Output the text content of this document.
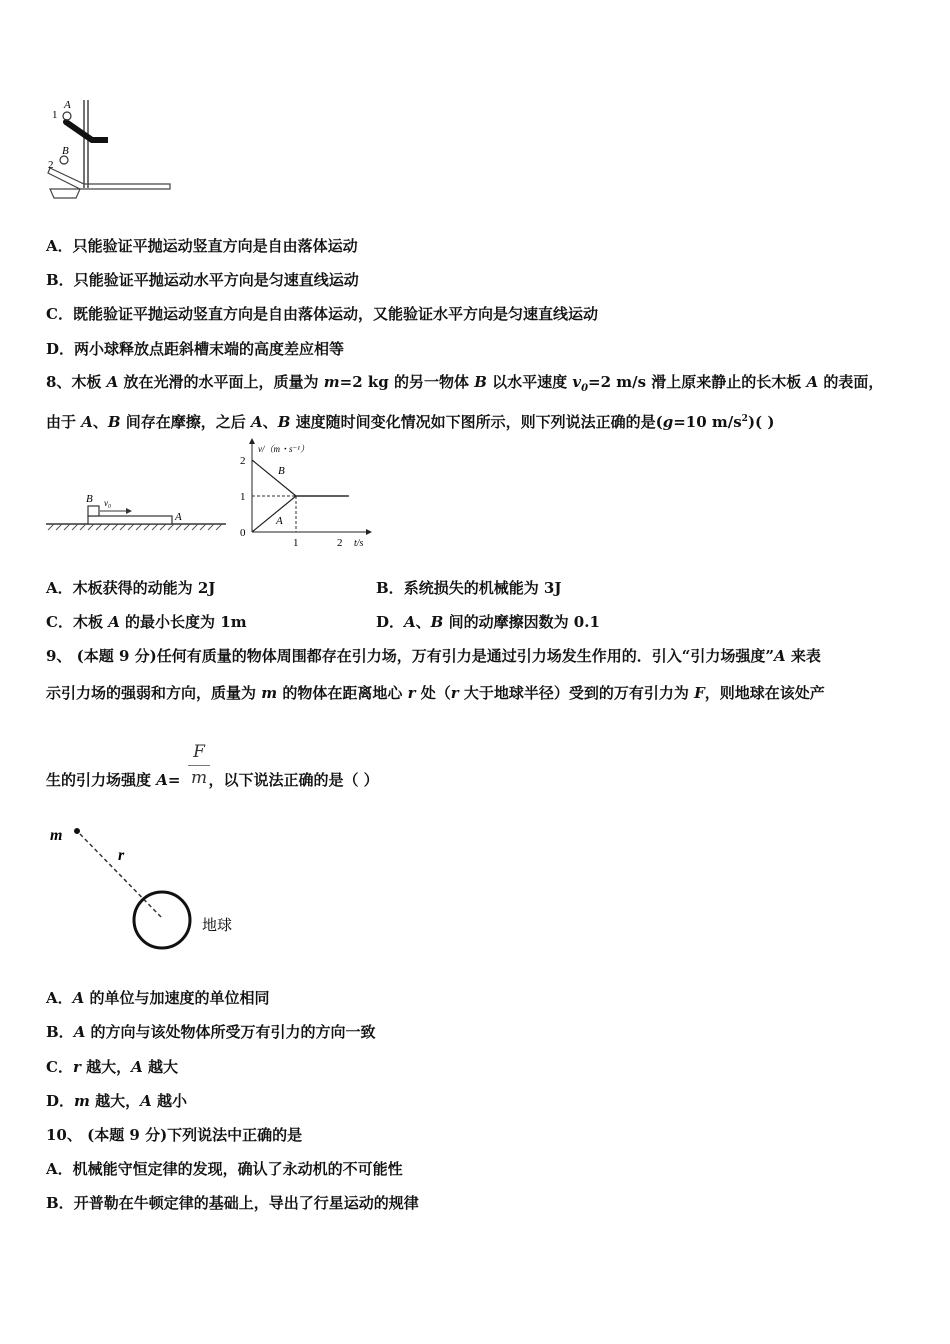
1
A
2
B
A．只能验证平抛运动竖直方向是自由落体运动
B．只能验证平抛运动水平方向是匀速直线运动
C．既能验证平抛运动竖直方向是自由落体运动，又能验证水平方向是匀速直线运动
D．两小球释放点距斜槽末端的高度差应相等
8、木板 A 放在光滑的水平面上，质量为 m=2 kg 的另一物体 B 以水平速度 $v_0=2$ m/s 滑上原来静止的长木板 A 的表面，
由于 A、B 间存在摩擦，之后 A、B 速度随时间变化情况如下图所示，则下列说法正确的是(g=10 $m/s^2$)( )
B v₀
A
v/（m・s⁻¹）
t/s
B
A
2
1
0
1	2
A．木板获得的动能为 2J	B．系统损失的机械能为 3J
C．木板 A 的最小长度为 1m	D．A、B 间的动摩擦因数为 0.1
9、 (本题 9 分)任何有质量的物体周围都存在引力场，万有引力是通过引力场发生作用的．引入“引力场强度”A 来表
示引力场的强弱和方向，质量为 m 的物体在距离地心 r 处（r 大于地球半径）受到的万有引力为 F，则地球在该处产
生的引力场强度 A= ，以下说法正确的是（ ）
F
m
m
r
地球
A．A 的单位与加速度的单位相同
B．A 的方向与该处物体所受万有引力的方向一致
C．r 越大，A 越大
D．m 越大，A 越小
10、 (本题 9 分)下列说法中正确的是
A．机械能守恒定律的发现，确认了永动机的不可能性
B．开普勒在牛顿定律的基础上，导出了行星运动的规律
